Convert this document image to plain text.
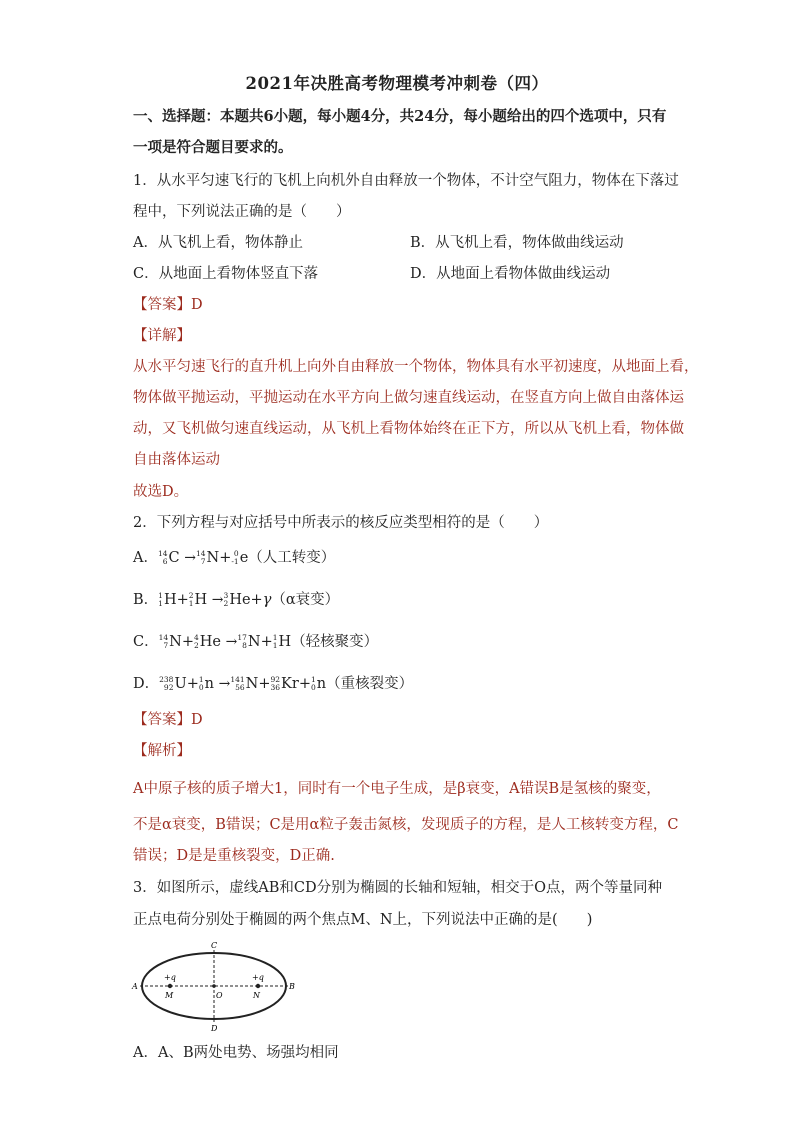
2021年决胜高考物理模考冲刺卷（四）
一、选择题：本题共6小题，每小题4分，共24分，每小题给出的四个选项中，只有
一项是符合题目要求的。
1．从水平匀速飞行的飞机上向机外自由释放一个物体，不计空气阻力，物体在下落过
程中，下列说法正确的是（　　）
A．从飞机上看，物体静止	B．从飞机上看，物体做曲线运动
C．从地面上看物体竖直下落	D．从地面上看物体做曲线运动
【答案】D
【详解】
从水平匀速飞行的直升机上向外自由释放一个物体，物体具有水平初速度，从地面上看，
物体做平抛运动，平抛运动在水平方向上做匀速直线运动，在竖直方向上做自由落体运
动，又飞机做匀速直线运动，从飞机上看物体始终在正下方，所以从飞机上看，物体做
自由落体运动
故选D。
2．下列方程与对应括号中所表示的核反应类型相符的是（　　）
A． 14
6 C → 14
7 N+ 0
-1 e（人工转变）
B． 1
1 H+ 2
1 H → 3
2 He+γ（α衰变）
C． 14
7 N+ 4
2 He → 17
8 N+ 1
1 H（轻核聚变）
D． 238
92 U+ 1
0 n → 141
56 N+ 92
36 Kr+ 1
0 n（重核裂变）
【答案】D
【解析】
A中原子核的质子增大1，同时有一个电子生成，是β衰变，A错误B是氢核的聚变，
不是α衰变，B错误；C是用α粒子轰击氮核，发现质子的方程，是人工核转变方程，C
错误；D是是重核裂变，D正确.
3．如图所示，虚线AB和CD分别为椭圆的长轴和短轴，相交于O点，两个等量同种
正点电荷分别处于椭圆的两个焦点M、N上，下列说法中正确的是(　　)
A	B
C
D
O
M	N
+q	+q
A．A、B两处电势、场强均相同
